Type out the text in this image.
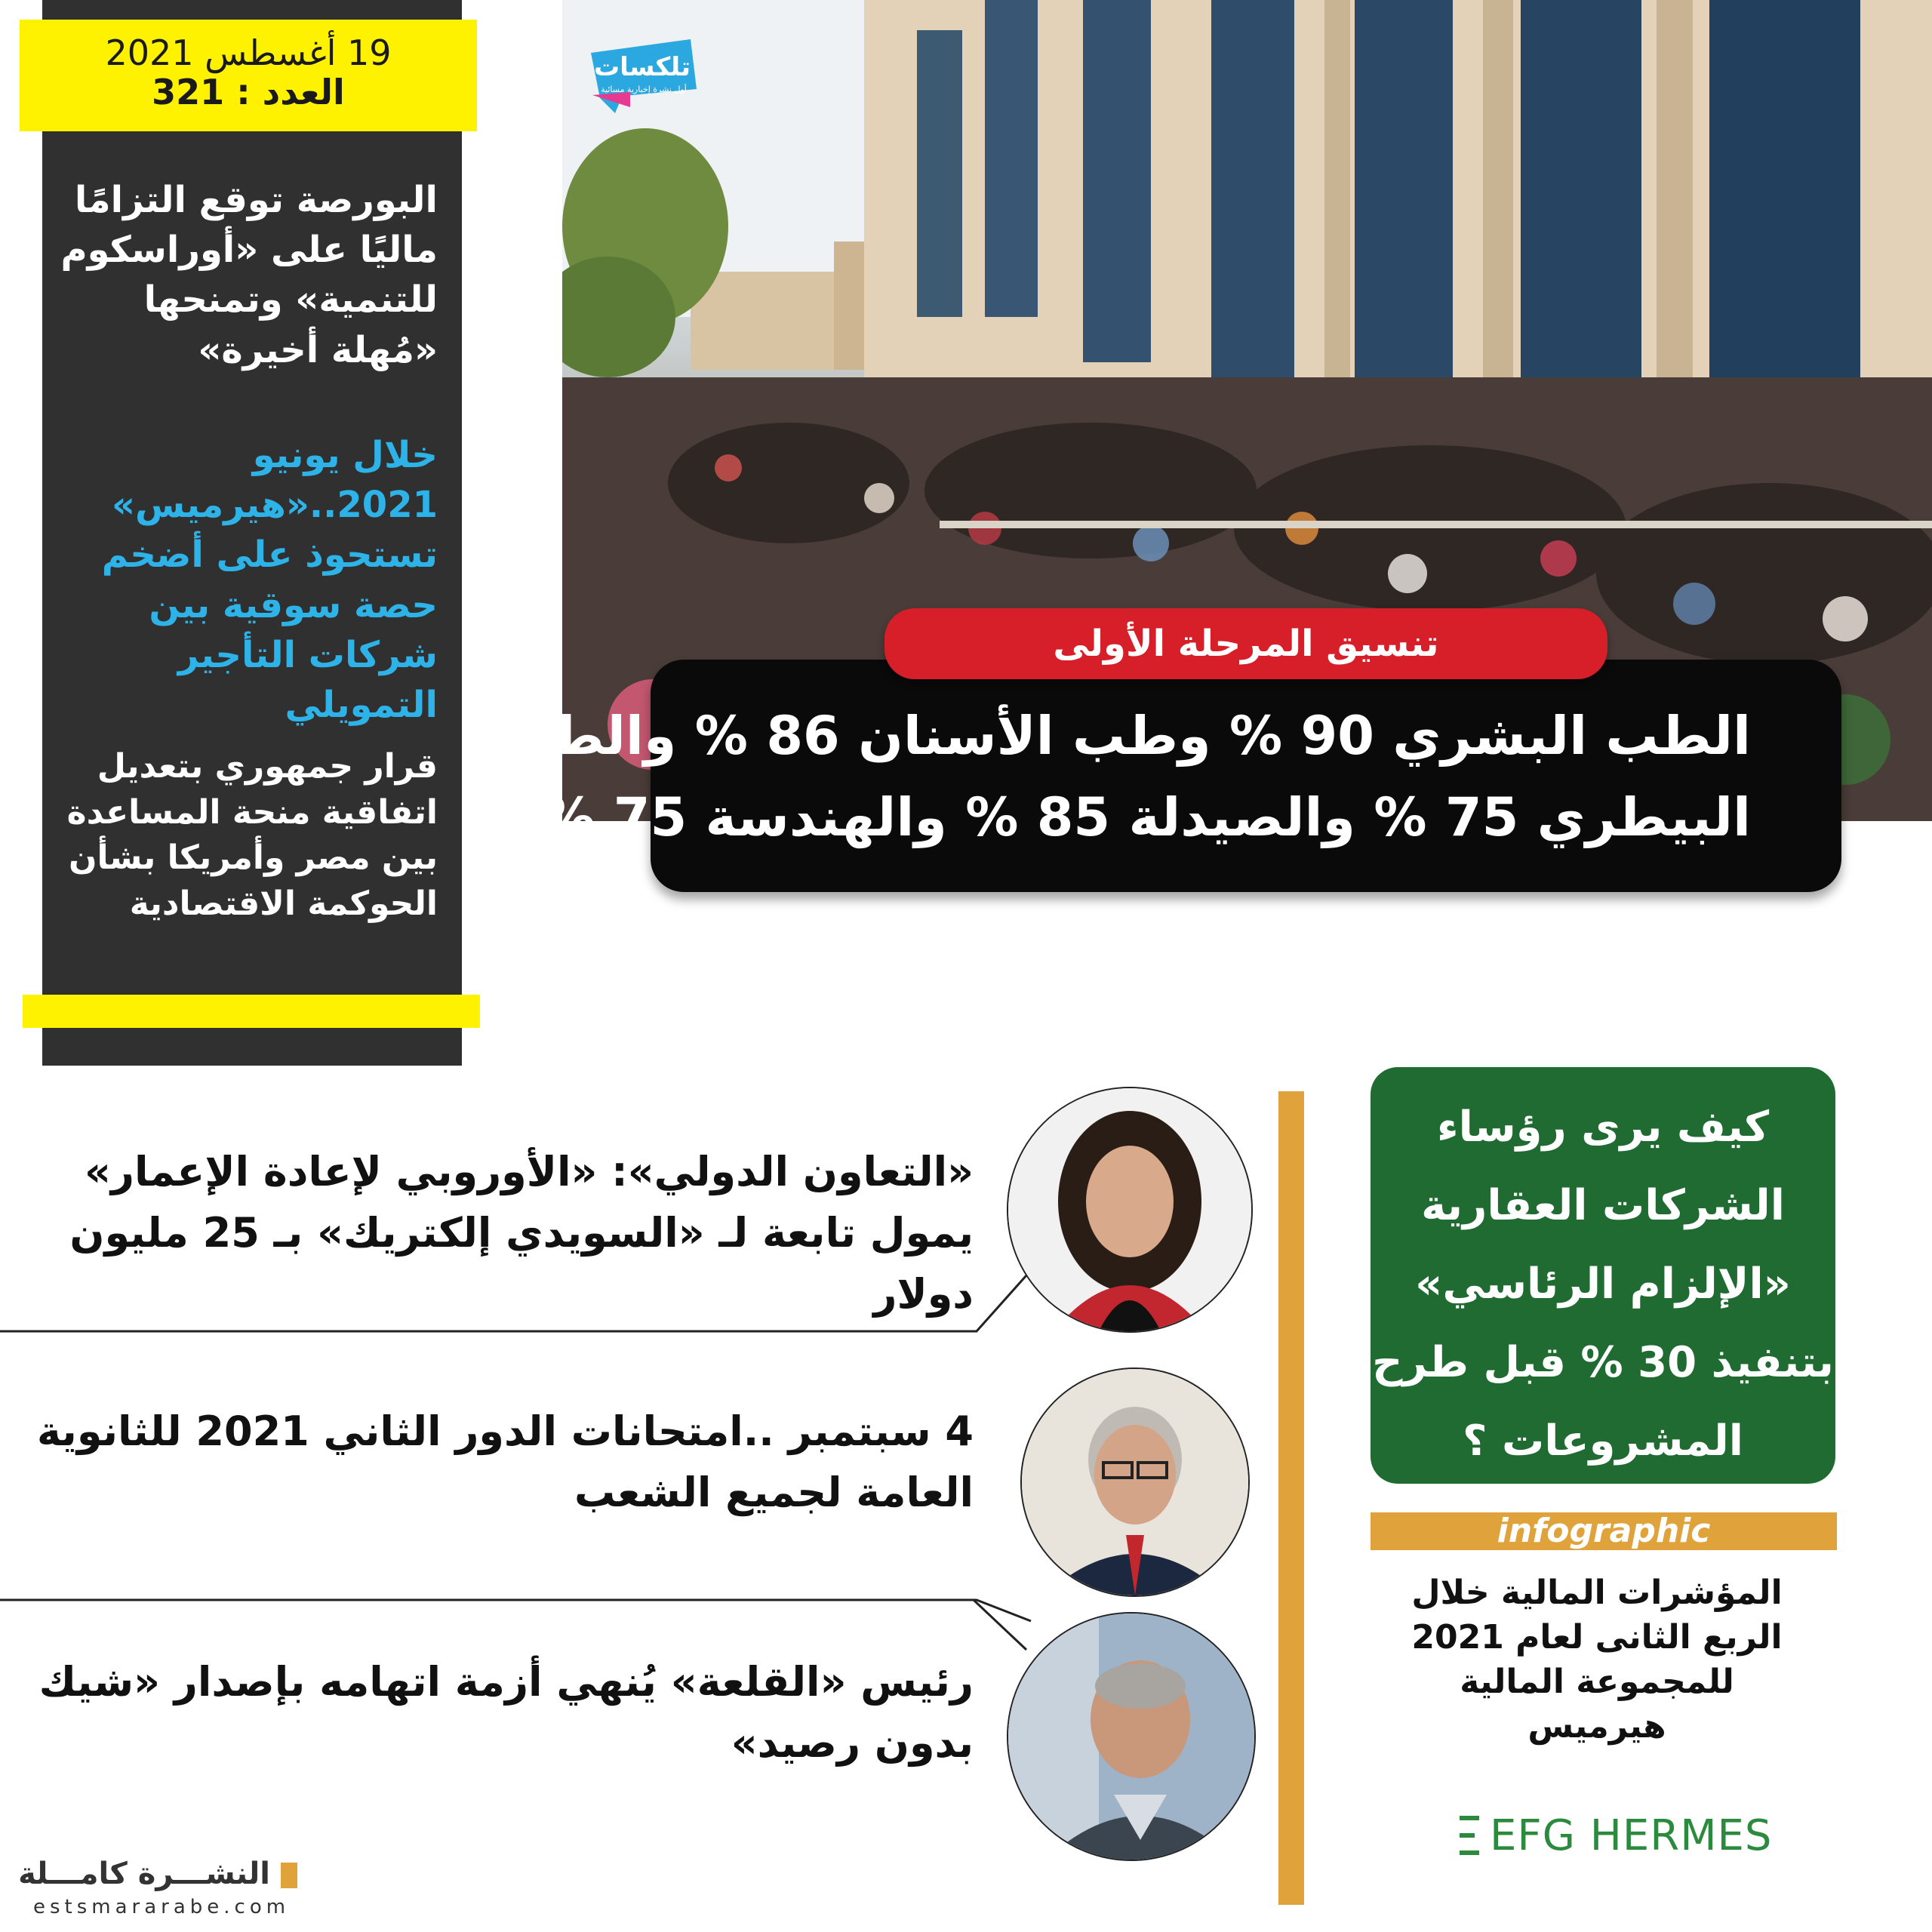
19 أغسطس 2021
العدد : 321
البورصة توقع التزامًا ماليًا على «أوراسكوم للتنمية» وتمنحها «مُهلة أخيرة»
خلال يونيو 2021..«هيرميس» تستحوذ على أضخم حصة سوقية بين شركات التأجير التمويلي
قرار جمهوري بتعديل اتفاقية منحة المساعدة بين مصر وأمريكا بشأن الحوكمة الاقتصادية
تلكسات
أول نشرة إخبارية مسائية
الطب البشري 90 % وطب الأسنان 86 % والطب
البيطري 75 % والصيدلة 85 % والهندسة 75 %
تنسيق المرحلة الأولى
«التعاون الدولي»: «الأوروبي لإعادة الإعمار» يمول تابعة لـ «السويدي إلكتريك» بـ 25 مليون دولار
4 سبتمبر ..امتحانات الدور الثاني 2021 للثانوية العامة لجميع الشعب
رئيس «القلعة» يُنهي أزمة اتهامه بإصدار «شيك بدون رصيد»
كيف يرى رؤساء
الشركات العقارية
«الإلزام الرئاسي»
بتنفيذ 30 % قبل طرح
المشروعات ؟
infographic
المؤشرات المالية خلال الربع الثانى لعام 2021 للمجموعة المالية هيرميس
EFG HERMES
النشـــرة كامـــلة
estsmararabe.com
